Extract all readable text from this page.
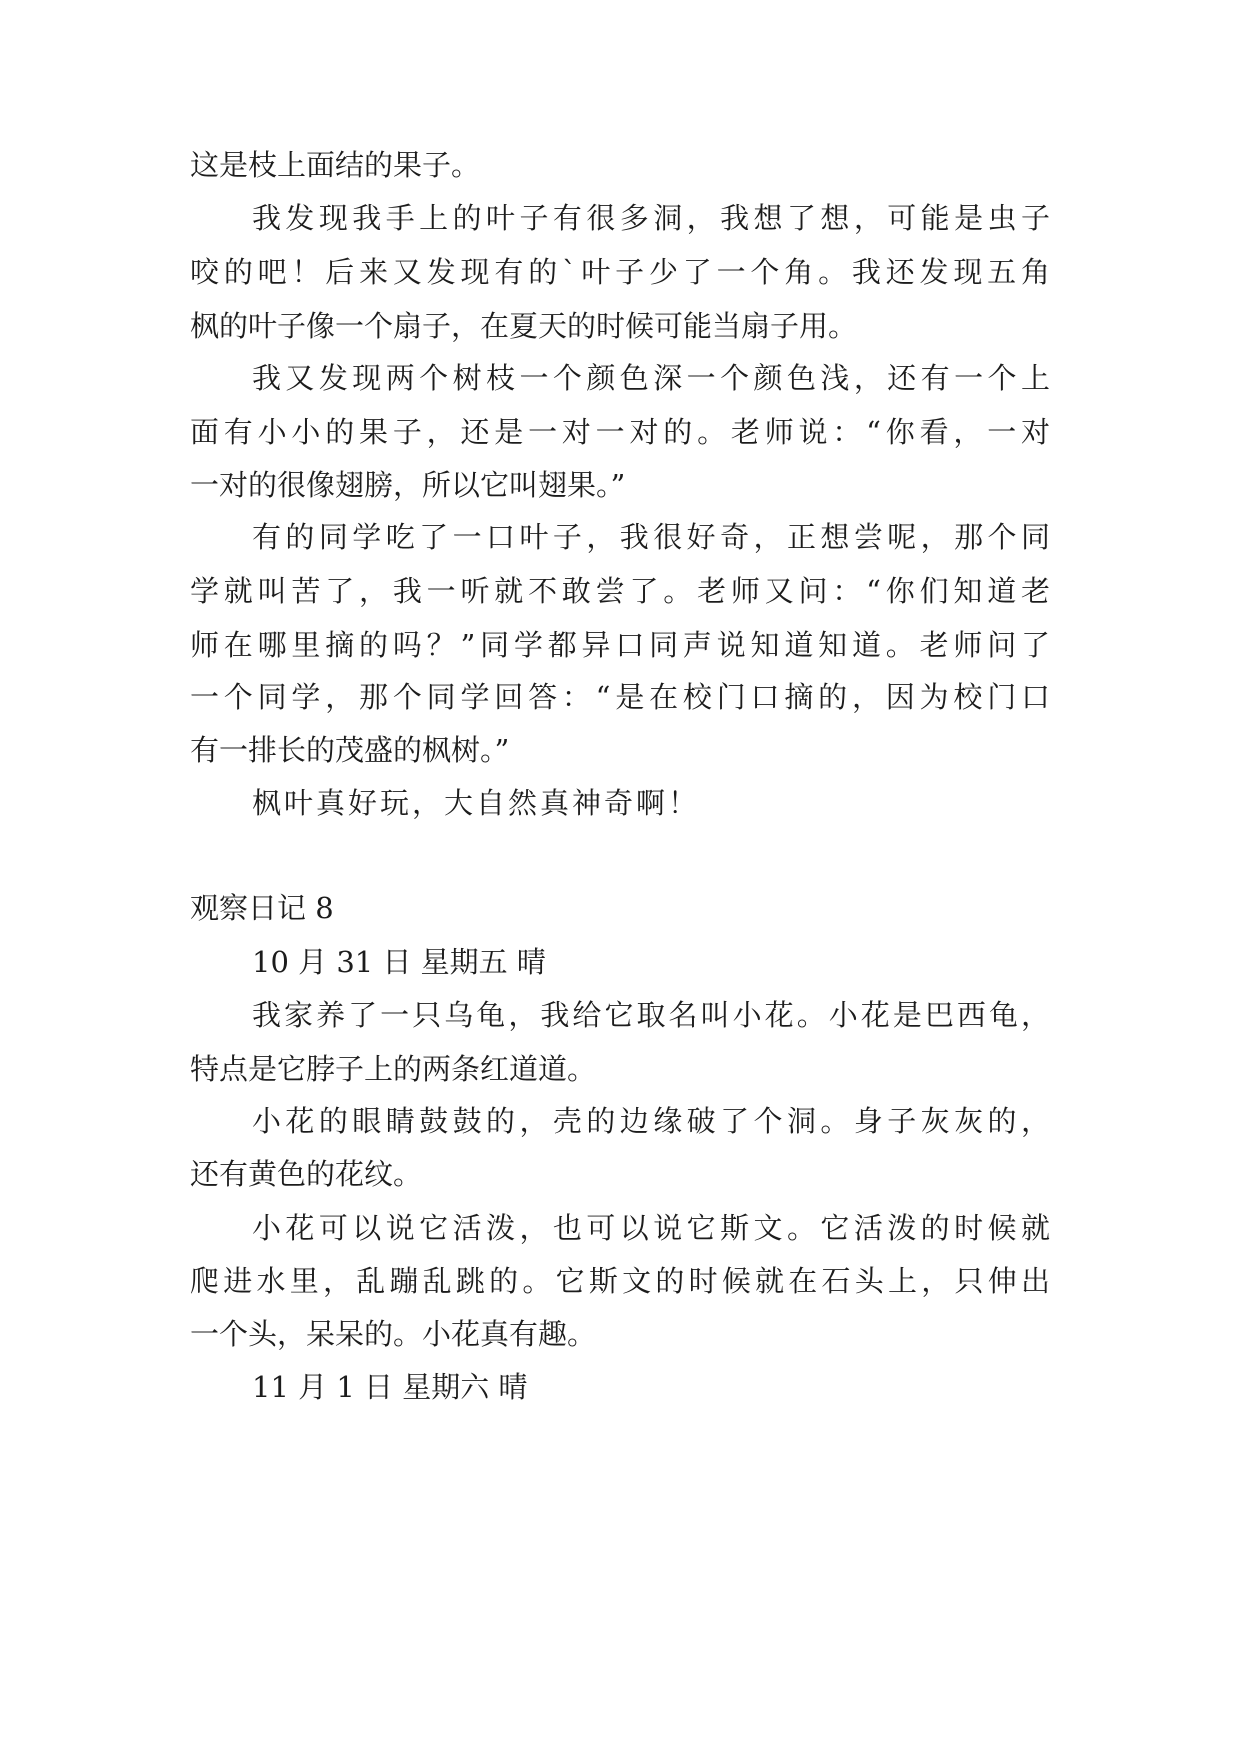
这是枝上面结的果子。
我发现我手上的叶子有很多洞，我想了想，可能是虫子
咬的吧！后来又发现有的`叶子少了一个角。我还发现五角
枫的叶子像一个扇子，在夏天的时候可能当扇子用。
我又发现两个树枝一个颜色深一个颜色浅，还有一个上
面有小小的果子，还是一对一对的。老师说：“你看，一对
一对的很像翅膀，所以它叫翅果。”
有的同学吃了一口叶子，我很好奇，正想尝呢，那个同
学就叫苦了，我一听就不敢尝了。老师又问：“你们知道老
师在哪里摘的吗？”同学都异口同声说知道知道。老师问了
一个同学，那个同学回答：“是在校门口摘的，因为校门口
有一排长的茂盛的枫树。”
枫叶真好玩，大自然真神奇啊！
观察日记 8
10 月 31 日 星期五 晴
我家养了一只乌龟，我给它取名叫小花。小花是巴西龟，
特点是它脖子上的两条红道道。
小花的眼睛鼓鼓的，壳的边缘破了个洞。身子灰灰的，
还有黄色的花纹。
小花可以说它活泼，也可以说它斯文。它活泼的时候就
爬进水里，乱蹦乱跳的。它斯文的时候就在石头上，只伸出
一个头，呆呆的。小花真有趣。
11 月 1 日 星期六 晴
